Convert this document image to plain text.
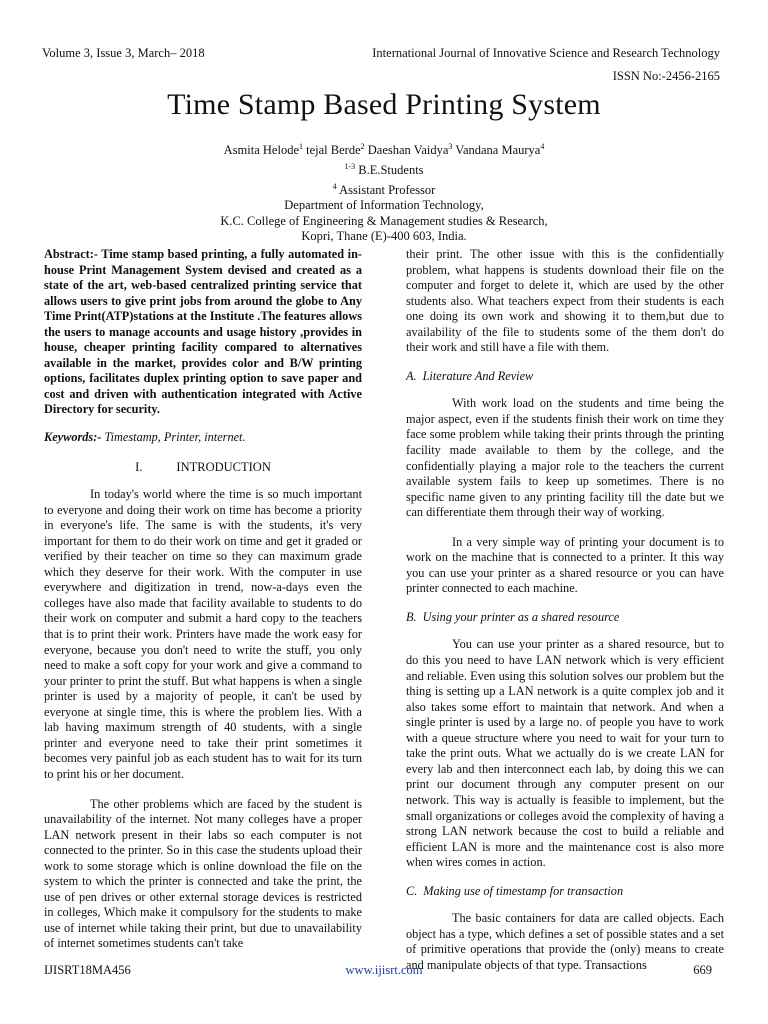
Volume 3, Issue 3, March– 2018	International Journal of Innovative Science and Research Technology
ISSN No:-2456-2165
Time Stamp Based Printing System
Asmita Helode$^1$ tejal Berde$^2$ Daeshan Vaidya$^3$ Vandana Maurya$^4$
$^{1-3}$ B.E.Students
$^4$ Assistant Professor
Department of Information Technology,
K.C. College of Engineering & Management studies & Research,
Kopri, Thane (E)-400 603, India.

Abstract:- Time stamp based printing, a fully automated in-house Print Management System devised and created as a state of the art, web-based centralized printing service that allows users to give print jobs from around the globe to Any Time Print(ATP)stations at the Institute .The features allows the users to manage accounts and usage history ,provides in house, cheaper printing facility compared to alternatives available in the market, provides color and B/W printing options, facilitates duplex printing option to save paper and cost and driven with authentication integrated with Active Directory for security.

Keywords:- Timestamp, Printer, internet.

I.	INTRODUCTION

In today's world where the time is so much important to everyone and doing their work on time has become a priority in everyone's life. The same is with the students, it's very important for them to do their work on time and get it graded or verified by their teacher on time so they can maximum grade which they deserve for their work. With the computer in use everywhere and digitization in trend, now-a-days even the colleges have also made that facility available to students to do their work on computer and submit a hard copy to the teachers that is to print their work. Printers have made the work easy for everyone, because you don't need to write the stuff, you only need to make a soft copy for your work and give a command to your printer to print the stuff. But what happens is when a single printer is used by a majority of people, it can't be used by everyone at single time, this is where the problem lies. With a lab having maximum strength of 40 students, with a single printer and everyone need to take their print sometimes it becomes very painful job as each student has to wait for its turn to print his or her document.

The other problems which are faced by the student is unavailability of the internet. Not many colleges have a proper LAN network present in their labs so each computer is not connected to the printer. So in this case the students upload their work to some storage which is online download the file on the system to which the printer is connected and take the print, the use of pen drives or other external storage devices is restricted in colleges, Which make it compulsory for the students to make use of internet while taking their print, but due to unavailability of internet sometimes students can't take

their print. The other issue with this is the confidentially problem, what happens is students download their file on the computer and forget to delete it, which are used by the other students also. What teachers expect from their students is each one doing its own work and showing it to them,but due to availability of the file to students some of the them don't do their work and still have a file with them.

A. Literature And Review

With work load on the students and time being the major aspect, even if the students finish their work on time they face some problem while taking their prints through the printing facility made available to them by the college, and the confidentially playing a major role to the teachers the current available system fails to keep up sometimes. There is no specific name given to any printing facility till the date but we can differentiate them through their way of working.

In a very simple way of printing your document is to work on the machine that is connected to a printer. It this way you can use your printer as a shared resource or you can have printer connected to each machine.

B. Using your printer as a shared resource

You can use your printer as a shared resource, but to do this you need to have LAN network which is very efficient and reliable. Even using this solution solves our problem but the thing is setting up a LAN network is a quite complex job and it also takes some effort to maintain that network. And when a single printer is used by a large no. of people you have to work with a queue structure where you need to wait for your turn to take the print outs. What we actually do is we create LAN for every lab and then interconnect each lab, by doing this we can print our document through any computer present on our network. This way is actually is feasible to implement, but the small organizations or colleges avoid the complexity of having a strong LAN network because the cost to build a reliable and efficient LAN is more and the maintenance cost is also more when wires comes in action.

C. Making use of timestamp for transaction

The basic containers for data are called objects. Each object has a type, which defines a set of possible states and a set of primitive operations that provide the (only) means to create and manipulate objects of that type. Transactions

IJISRT18MA456	www.ijisrt.com	669
